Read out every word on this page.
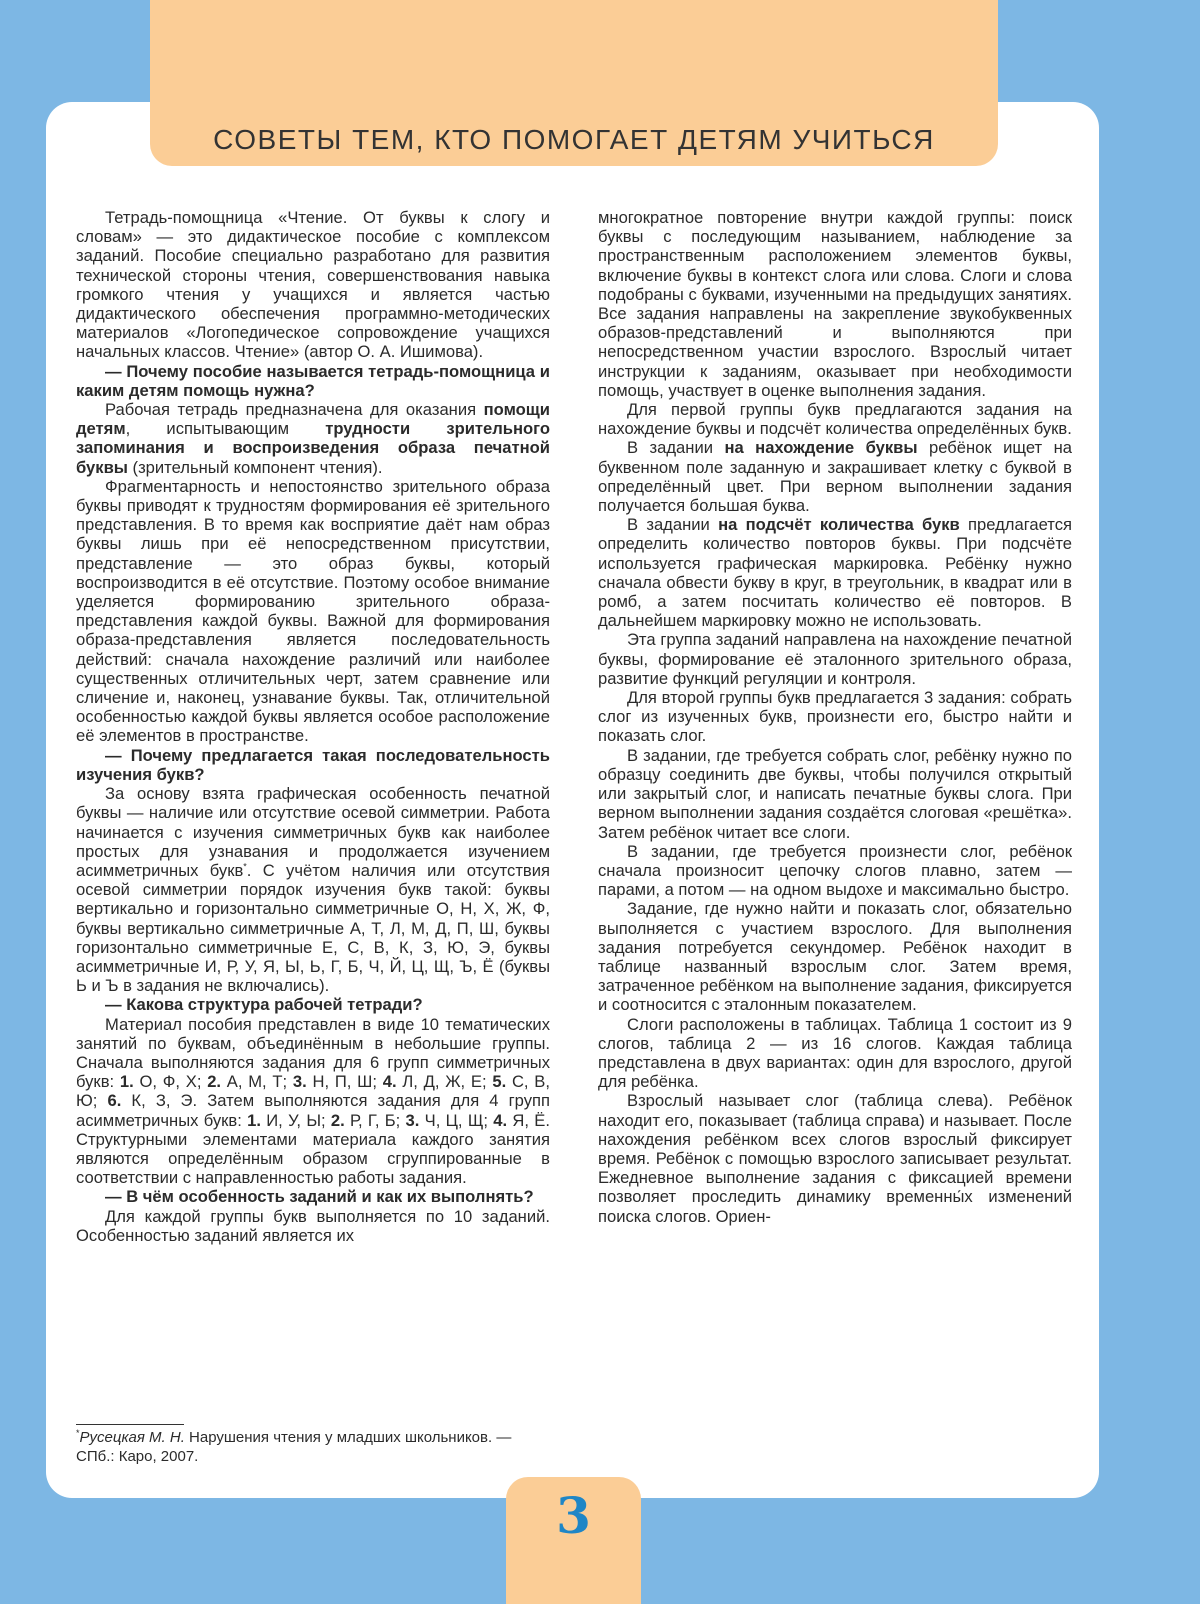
СОВЕТЫ ТЕМ, КТО ПОМОГАЕТ ДЕТЯМ УЧИТЬСЯ

Тетрадь-помощница «Чтение. От буквы к слогу и словам» — это дидактическое пособие с комплексом заданий. Пособие специально разработано для развития технической стороны чтения, совершенствования навыка громкого чтения у учащихся и является частью дидактического обеспечения программно-методических материалов «Логопедическое сопровождение учащихся начальных классов. Чтение» (автор О. А. Ишимова).

— Почему пособие называется тетрадь-помощница и каким детям помощь нужна?

Рабочая тетрадь предназначена для оказания помощи детям, испытывающим трудности зрительного запоминания и воспроизведения образа печатной буквы (зрительный компонент чтения).

Фрагментарность и непостоянство зрительного образа буквы приводят к трудностям формирования её зрительного представления. В то время как восприятие даёт нам образ буквы лишь при её непосредственном присутствии, представление — это образ буквы, который воспроизводится в её отсутствие. Поэтому особое внимание уделяется формированию зрительного образа-представления каждой буквы. Важной для формирования образа-представления является последовательность действий: сначала нахождение различий или наиболее существенных отличительных черт, затем сравнение или сличение и, наконец, узнавание буквы. Так, отличительной особенностью каждой буквы является особое расположение её элементов в пространстве.

— Почему предлагается такая последовательность изучения букв?

За основу взята графическая особенность печатной буквы — наличие или отсутствие осевой симметрии. Работа начинается с изучения симметричных букв как наиболее простых для узнавания и продолжается изучением асимметричных букв*. С учётом наличия или отсутствия осевой симметрии порядок изучения букв такой: буквы вертикально и горизонтально симметричные О, Н, Х, Ж, Ф, буквы вертикально симметричные А, Т, Л, М, Д, П, Ш, буквы горизонтально симметричные Е, С, В, К, З, Ю, Э, буквы асимметричные И, Р, У, Я, Ы, Ь, Г, Б, Ч, Й, Ц, Щ, Ъ, Ё (буквы Ь и Ъ в задания не включались).

— Какова структура рабочей тетради?

Материал пособия представлен в виде 10 тематических занятий по буквам, объединённым в небольшие группы. Сначала выполняются задания для 6 групп симметричных букв: 1. О, Ф, Х; 2. А, М, Т; 3. Н, П, Ш; 4. Л, Д, Ж, Е; 5. С, В, Ю; 6. К, З, Э. Затем выполняются задания для 4 групп асимметричных букв: 1. И, У, Ы; 2. Р, Г, Б; 3. Ч, Ц, Щ; 4. Я, Ё. Структурными элементами материала каждого занятия являются определённым образом сгруппированные в соответствии с направленностью работы задания.

— В чём особенность заданий и как их выполнять?

Для каждой группы букв выполняется по 10 заданий. Особенностью заданий является их

*Русецкая М. Н. Нарушения чтения у младших школьников. — СПб.: Каро, 2007.

многократное повторение внутри каждой группы: поиск буквы с последующим называнием, наблюдение за пространственным расположением элементов буквы, включение буквы в контекст слога или слова. Слоги и слова подобраны с буквами, изученными на предыдущих занятиях. Все задания направлены на закрепление звукобуквенных образов-представлений и выполняются при непосредственном участии взрослого. Взрослый читает инструкции к заданиям, оказывает при необходимости помощь, участвует в оценке выполнения задания.

Для первой группы букв предлагаются задания на нахождение буквы и подсчёт количества определённых букв.

В задании на нахождение буквы ребёнок ищет на буквенном поле заданную и закрашивает клетку с буквой в определённый цвет. При верном выполнении задания получается большая буква.

В задании на подсчёт количества букв предлагается определить количество повторов буквы. При подсчёте используется графическая маркировка. Ребёнку нужно сначала обвести букву в круг, в треугольник, в квадрат или в ромб, а затем посчитать количество её повторов. В дальнейшем маркировку можно не использовать.

Эта группа заданий направлена на нахождение печатной буквы, формирование её эталонного зрительного образа, развитие функций регуляции и контроля.

Для второй группы букв предлагается 3 задания: собрать слог из изученных букв, произнести его, быстро найти и показать слог.

В задании, где требуется собрать слог, ребёнку нужно по образцу соединить две буквы, чтобы получился открытый или закрытый слог, и написать печатные буквы слога. При верном выполнении задания создаётся слоговая «решётка». Затем ребёнок читает все слоги.

В задании, где требуется произнести слог, ребёнок сначала произносит цепочку слогов плавно, затем — парами, а потом — на одном выдохе и максимально быстро.

Задание, где нужно найти и показать слог, обязательно выполняется с участием взрослого. Для выполнения задания потребуется секундомер. Ребёнок находит в таблице названный взрослым слог. Затем время, затраченное ребёнком на выполнение задания, фиксируется и соотносится с эталонным показателем.

Слоги расположены в таблицах. Таблица 1 состоит из 9 слогов, таблица 2 — из 16 слогов. Каждая таблица представлена в двух вариантах: один для взрослого, другой для ребёнка.

Взрослый называет слог (таблица слева). Ребёнок находит его, показывает (таблица справа) и называет. После нахождения ребёнком всех слогов взрослый фиксирует время. Ребёнок с помощью взрослого записывает результат. Ежедневное выполнение задания с фиксацией времени позволяет проследить динамику временны́х изменений поиска слогов. Ориен-

3
